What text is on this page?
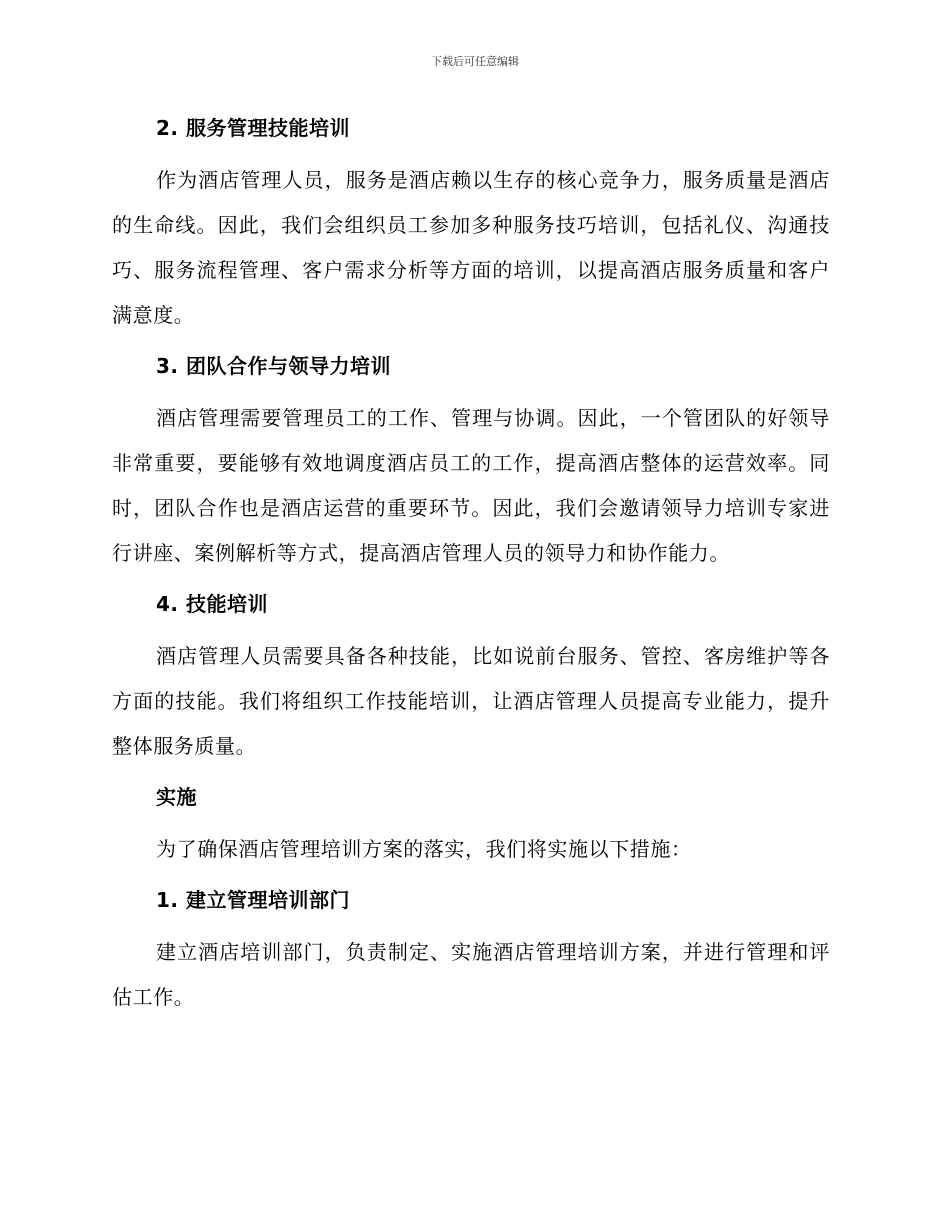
下载后可任意编辑
2. 服务管理技能培训
作为酒店管理人员，服务是酒店赖以生存的核心竞争力，服务质量是酒店的生命线。因此，我们会组织员工参加多种服务技巧培训，包括礼仪、沟通技巧、服务流程管理、客户需求分析等方面的培训，以提高酒店服务质量和客户满意度。
3. 团队合作与领导力培训
酒店管理需要管理员工的工作、管理与协调。因此，一个管团队的好领导非常重要，要能够有效地调度酒店员工的工作，提高酒店整体的运营效率。同时，团队合作也是酒店运营的重要环节。因此，我们会邀请领导力培训专家进行讲座、案例解析等方式，提高酒店管理人员的领导力和协作能力。
4. 技能培训
酒店管理人员需要具备各种技能，比如说前台服务、管控、客房维护等各方面的技能。我们将组织工作技能培训，让酒店管理人员提高专业能力，提升整体服务质量。
实施
为了确保酒店管理培训方案的落实，我们将实施以下措施：
1. 建立管理培训部门
建立酒店培训部门，负责制定、实施酒店管理培训方案，并进行管理和评估工作。
